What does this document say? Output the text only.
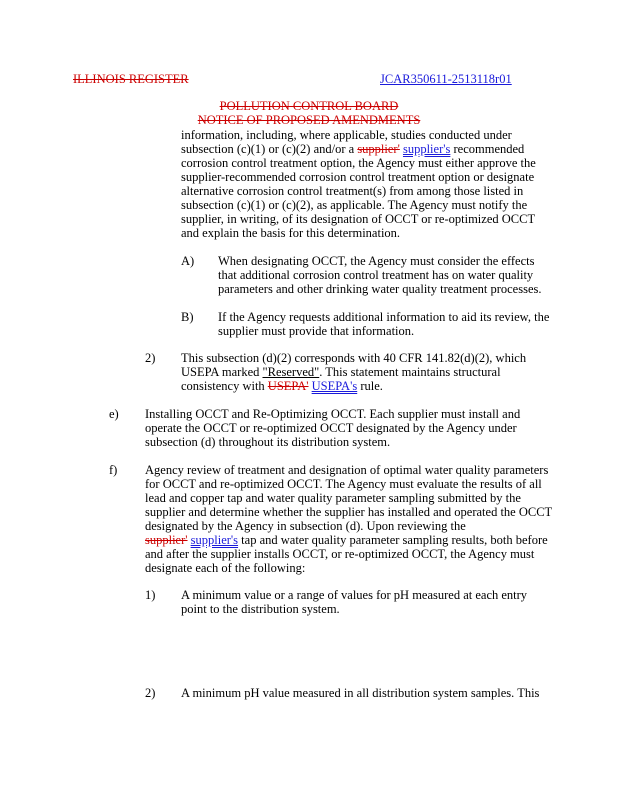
ILLINOIS REGISTER	JCAR350611-2513118r01
POLLUTION CONTROL BOARD
NOTICE OF PROPOSED AMENDMENTS
information, including, where applicable, studies conducted under
subsection (c)(1) or (c)(2) and/or a supplier' supplier's recommended
corrosion control treatment option, the Agency must either approve the
supplier-recommended corrosion control treatment option or designate
alternative corrosion control treatment(s) from among those listed in
subsection (c)(1) or (c)(2), as applicable. The Agency must notify the
supplier, in writing, of its designation of OCCT or re-optimized OCCT
and explain the basis for this determination.
A) When designating OCCT, the Agency must consider the effects
that additional corrosion control treatment has on water quality
parameters and other drinking water quality treatment processes.
B) If the Agency requests additional information to aid its review, the
supplier must provide that information.
2) This subsection (d)(2) corresponds with 40 CFR 141.82(d)(2), which
USEPA marked "Reserved". This statement maintains structural
consistency with USEPA' USEPA's rule.
e) Installing OCCT and Re-Optimizing OCCT. Each supplier must install and
operate the OCCT or re-optimized OCCT designated by the Agency under
subsection (d) throughout its distribution system.
f) Agency review of treatment and designation of optimal water quality parameters
for OCCT and re-optimized OCCT. The Agency must evaluate the results of all
lead and copper tap and water quality parameter sampling submitted by the
supplier and determine whether the supplier has installed and operated the OCCT
designated by the Agency in subsection (d). Upon reviewing the
supplier' supplier's tap and water quality parameter sampling results, both before
and after the supplier installs OCCT, or re-optimized OCCT, the Agency must
designate each of the following:
1) A minimum value or a range of values for pH measured at each entry
point to the distribution system.
2) A minimum pH value measured in all distribution system samples. This
